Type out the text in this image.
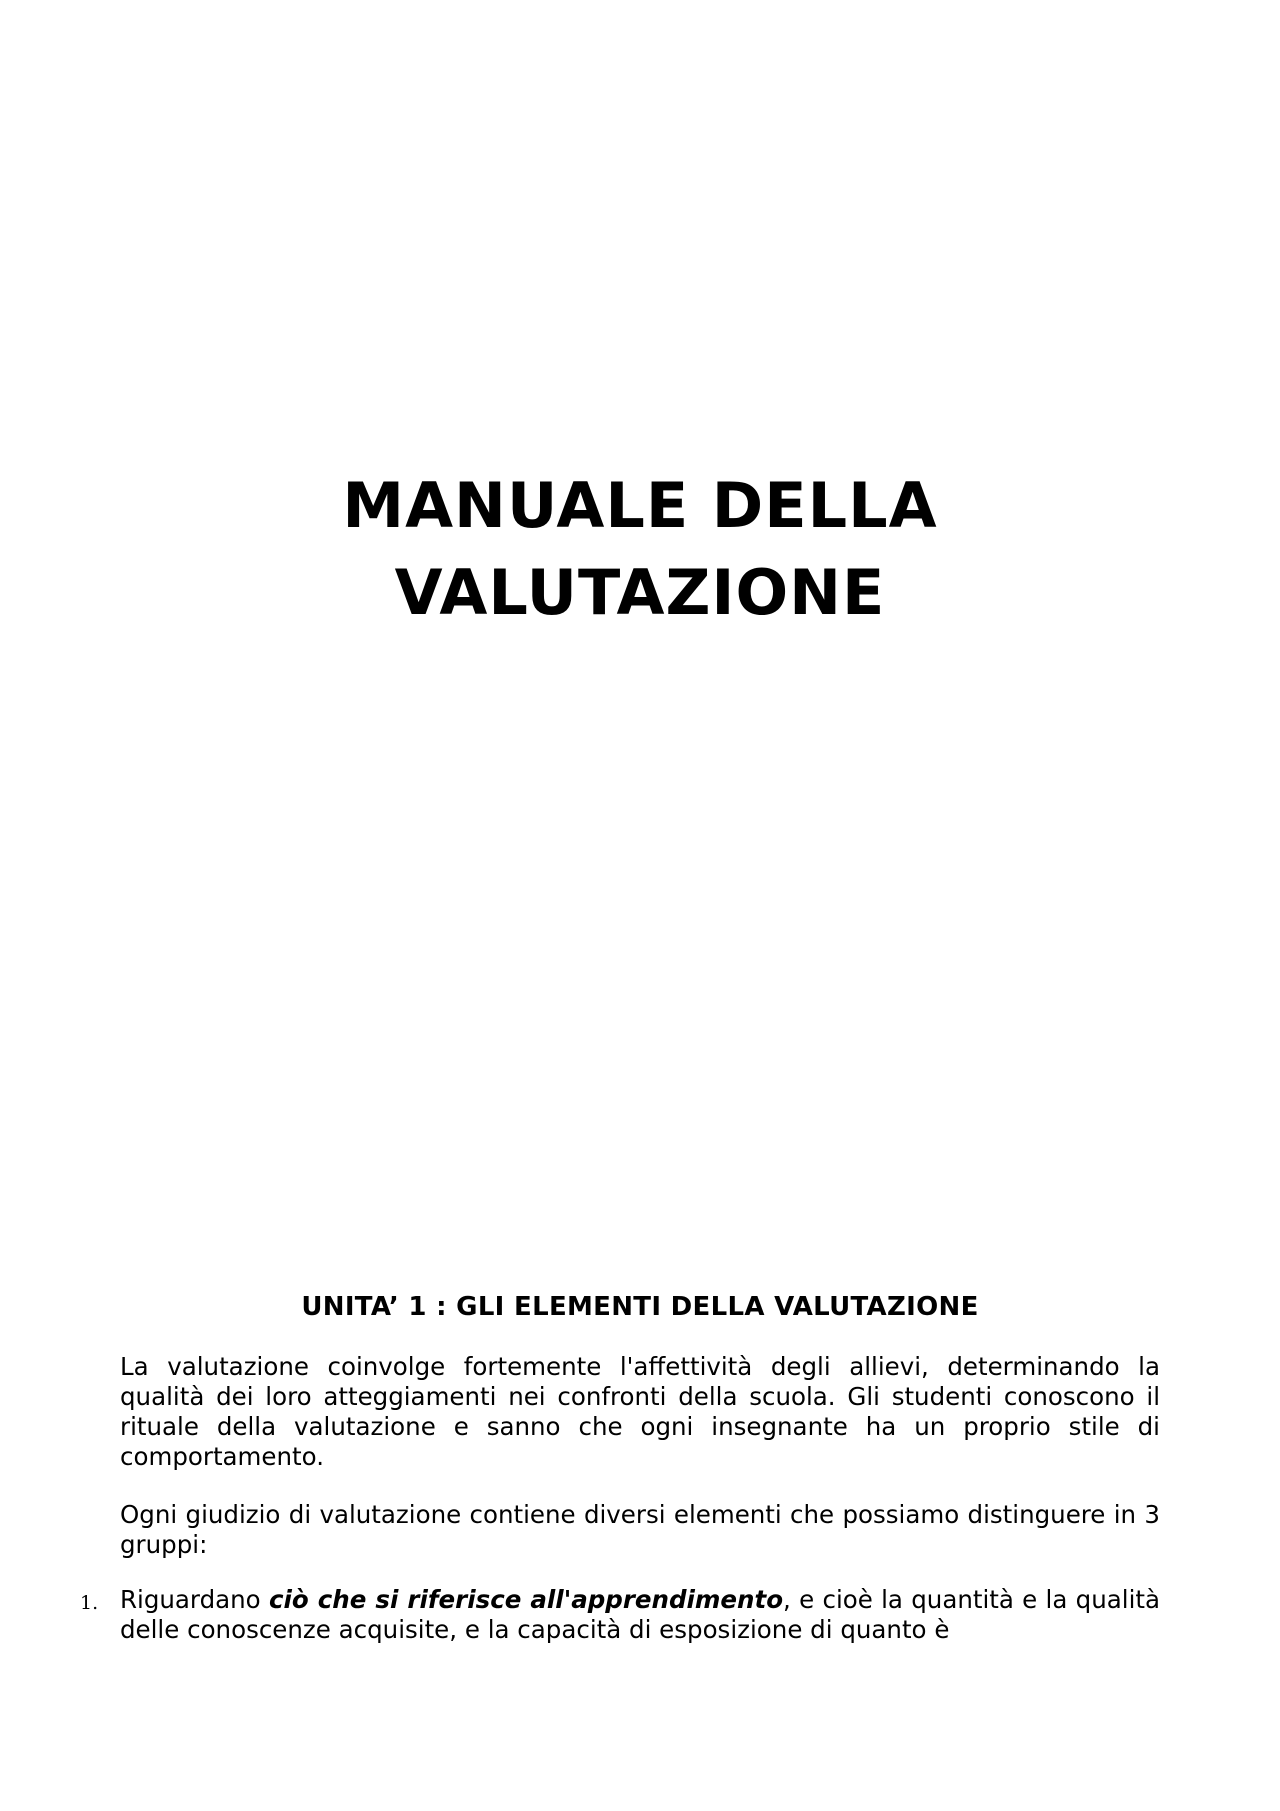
MANUALE DELLA
VALUTAZIONE
UNITA’ 1 : GLI ELEMENTI DELLA VALUTAZIONE

La valutazione coinvolge fortemente l'affettività degli allievi, determinando la qualità dei loro atteggiamenti nei confronti della scuola. Gli studenti conoscono il rituale della valutazione e sanno che ogni insegnante ha un proprio stile di comportamento.

Ogni giudizio di valutazione contiene diversi elementi che possiamo distinguere in 3 gruppi:

1. Riguardano ciò che si riferisce all'apprendimento, e cioè la quantità e la qualità delle conoscenze acquisite, e la capacità di esposizione di quanto è
